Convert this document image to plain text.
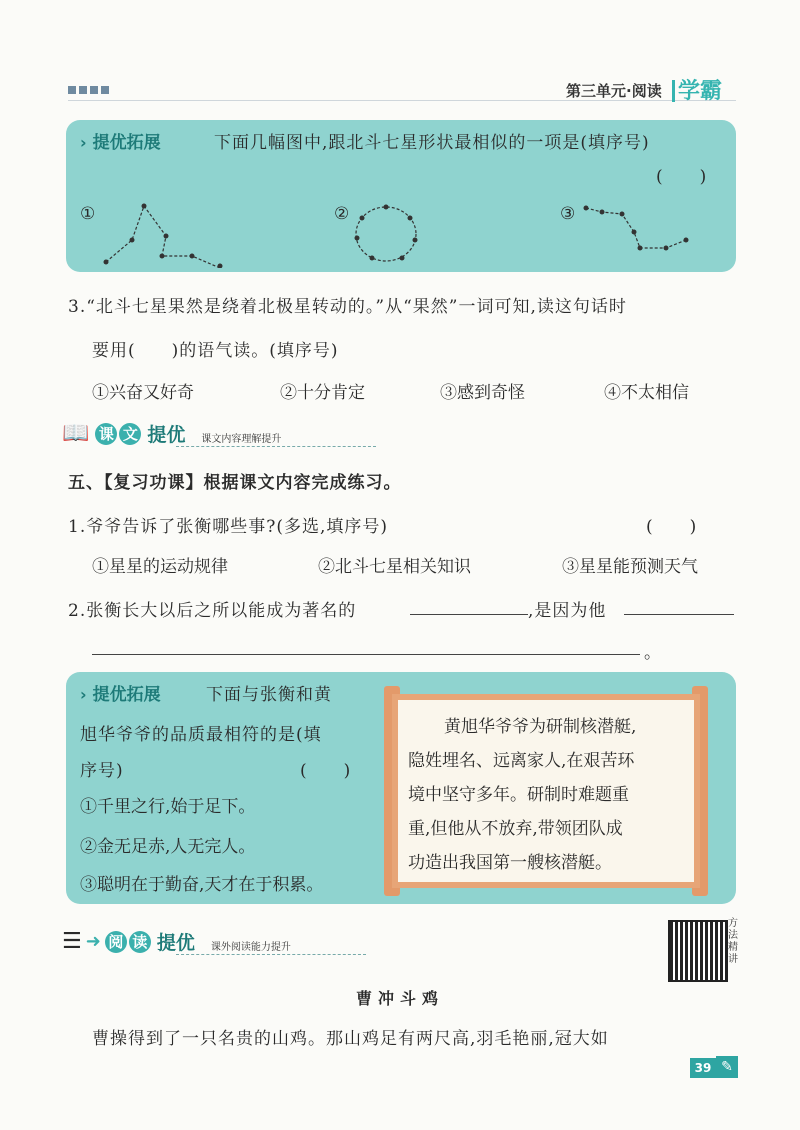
第三单元·阅读 学霸
› 提优拓展	下面几幅图中,跟北斗七星形状最相似的一项是(填序号)
(　　)
①	②	③
3.“北斗七星果然是绕着北极星转动的。”从“果然”一词可知,读这句话时
要用(　　)的语气读。(填序号)
①兴奋又好奇	②十分肯定	③感到奇怪	④不太相信
📖 课 文 提优 课文内容理解提升
五、【复习功课】根据课文内容完成练习。
1.爷爷告诉了张衡哪些事?(多选,填序号)	(　　)
①星星的运动规律	②北斗七星相关知识	③星星能预测天气
2.张衡长大以后之所以能成为著名的	,是因为他
。
› 提优拓展	下面与张衡和黄
旭华爷爷的品质最相符的是(填
序号)	(　　)
①千里之行,始于足下。
②金无足赤,人无完人。
③聪明在于勤奋,天才在于积累。
黄旭华爷爷为研制核潜艇,
隐姓埋名、远离家人,在艰苦环
境中坚守多年。研制时难题重
重,但他从不放弃,带领团队成
功造出我国第一艘核潜艇。
☰ ➜ 阅 读 提优 课外阅读能力提升
方法精讲
曹冲斗鸡
曹操得到了一只名贵的山鸡。那山鸡足有两尺高,羽毛艳丽,冠大如
39 ✎
